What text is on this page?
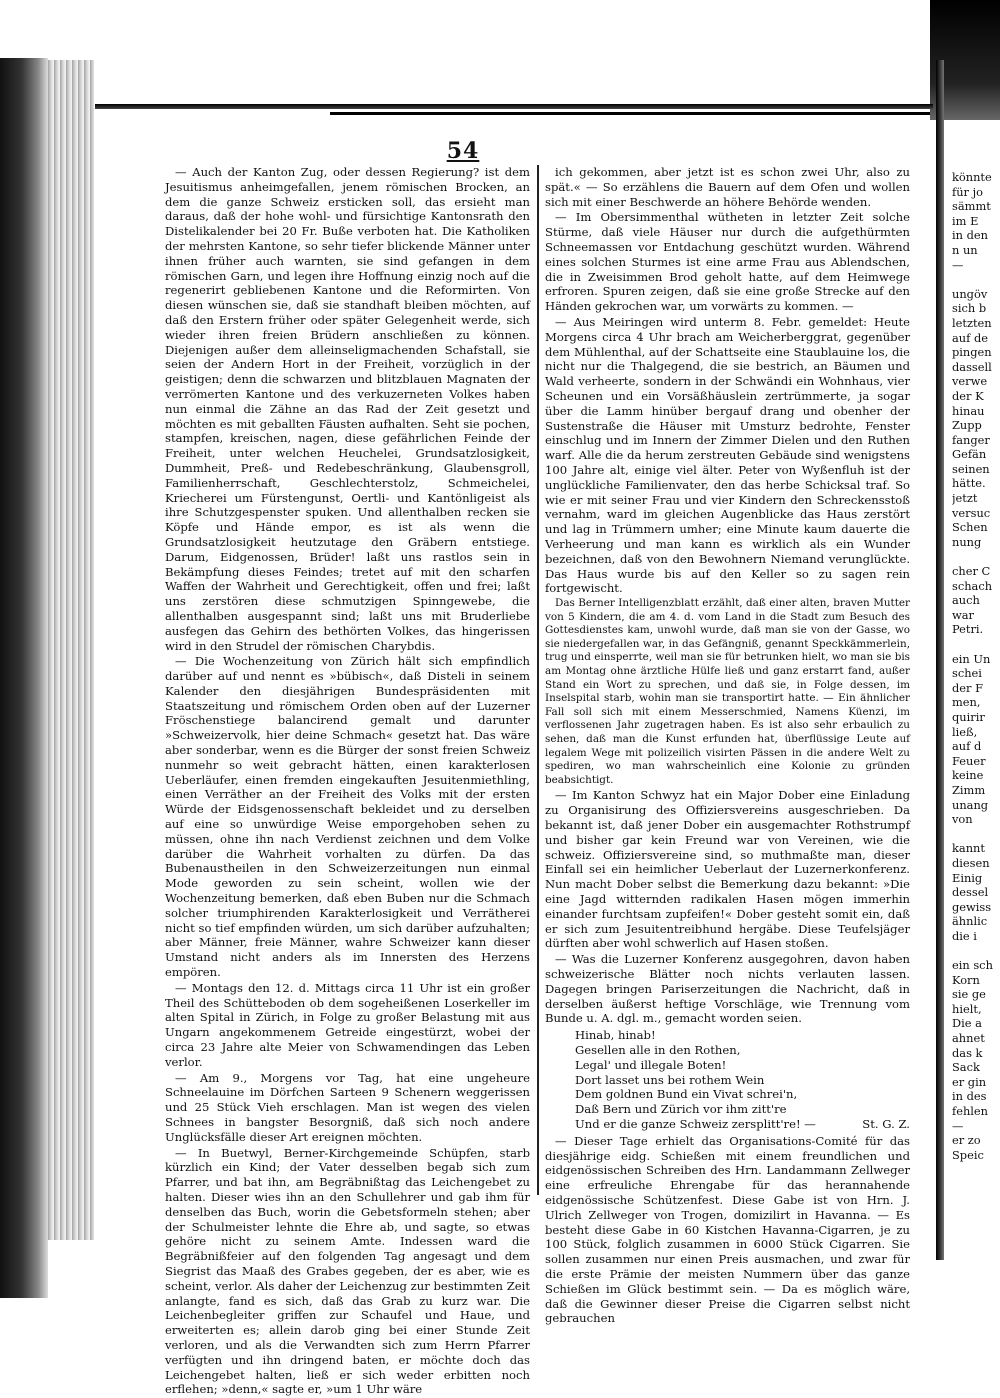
54

— Auch der Kanton Zug, oder dessen Regierung? ist dem Jesuitismus anheimgefallen, jenem römischen Brocken, an dem die ganze Schweiz ersticken soll, das ersieht man daraus, daß der hohe wohl- und fürsichtige Kantonsrath den Distelikalender bei 20 Fr. Buße verboten hat. Die Katholiken der mehrsten Kantone, so sehr tiefer blickende Männer unter ihnen früher auch warnten, sie sind gefangen in dem römischen Garn, und legen ihre Hoffnung einzig noch auf die regenerirt gebliebenen Kantone und die Reformirten. Von diesen wünschen sie, daß sie standhaft bleiben möchten, auf daß den Erstern früher oder später Gelegenheit werde, sich wieder ihren freien Brüdern anschließen zu können. Diejenigen außer dem alleinseligmachenden Schafstall, sie seien der Andern Hort in der Freiheit, vorzüglich in der geistigen; denn die schwarzen und blitzblauen Magnaten der verrömerten Kantone und des verkuzerneten Volkes haben nun einmal die Zähne an das Rad der Zeit gesetzt und möchten es mit geballten Fäusten aufhalten. Seht sie pochen, stampfen, kreischen, nagen, diese gefährlichen Feinde der Freiheit, unter welchen Heuchelei, Grundsatzlosigkeit, Dummheit, Preß- und Redebeschränkung, Glaubensgroll, Familienherrschaft, Geschlechterstolz, Schmeichelei, Kriecherei um Fürstengunst, Oertli- und Kantönligeist als ihre Schutzgespenster spuken. Und allenthalben recken sie Köpfe und Hände empor, es ist als wenn die Grundsatzlosigkeit heutzutage den Gräbern entstiege. Darum, Eidgenossen, Brüder! laßt uns rastlos sein in Bekämpfung dieses Feindes; tretet auf mit den scharfen Waffen der Wahrheit und Gerechtigkeit, offen und frei; laßt uns zerstören diese schmutzigen Spinngewebe, die allenthalben ausgespannt sind; laßt uns mit Bruderliebe ausfegen das Gehirn des bethörten Volkes, das hingerissen wird in den Strudel der römischen Charybdis.

— Die Wochenzeitung von Zürich hält sich empfindlich darüber auf und nennt es »bübisch«, daß Disteli in seinem Kalender den diesjährigen Bundespräsidenten mit Staatszeitung und römischem Orden oben auf der Luzerner Fröschenstiege balancirend gemalt und darunter »Schweizervolk, hier deine Schmach« gesetzt hat. Das wäre aber sonderbar, wenn es die Bürger der sonst freien Schweiz nunmehr so weit gebracht hätten, einen karakterlosen Ueberläufer, einen fremden eingekauften Jesuitenmiethling, einen Verräther an der Freiheit des Volks mit der ersten Würde der Eidsgenossenschaft bekleidet und zu derselben auf eine so unwürdige Weise emporgehoben sehen zu müssen, ohne ihn nach Verdienst zeichnen und dem Volke darüber die Wahrheit vorhalten zu dürfen. Da das Bubenaustheilen in den Schweizerzeitungen nun einmal Mode geworden zu sein scheint, wollen wie der Wochenzeitung bemerken, daß eben Buben nur die Schmach solcher triumphirenden Karakterlosigkeit und Verrätherei nicht so tief empfinden würden, um sich darüber aufzuhalten; aber Männer, freie Männer, wahre Schweizer kann dieser Umstand nicht anders als im Innersten des Herzens empören.

— Montags den 12. d. Mittags circa 11 Uhr ist ein großer Theil des Schütteboden ob dem sogeheißenen Loserkeller im alten Spital in Zürich, in Folge zu großer Belastung mit aus Ungarn angekommenem Getreide eingestürzt, wobei der circa 23 Jahre alte Meier von Schwamendingen das Leben verlor.

— Am 9., Morgens vor Tag, hat eine ungeheure Schneelauine im Dörfchen Sarteen 9 Schenern weggerissen und 25 Stück Vieh erschlagen. Man ist wegen des vielen Schnees in bangster Besorgniß, daß sich noch andere Unglücksfälle dieser Art ereignen möchten.

— In Buetwyl, Berner-Kirchgemeinde Schüpfen, starb kürzlich ein Kind; der Vater desselben begab sich zum Pfarrer, und bat ihn, am Begräbnißtag das Leichengebet zu halten. Dieser wies ihn an den Schullehrer und gab ihm für denselben das Buch, worin die Gebetsformeln stehen; aber der Schulmeister lehnte die Ehre ab, und sagte, so etwas gehöre nicht zu seinem Amte. Indessen ward die Begräbnißfeier auf den folgenden Tag angesagt und dem Siegrist das Maaß des Grabes gegeben, der es aber, wie es scheint, verlor. Als daher der Leichenzug zur bestimmten Zeit anlangte, fand es sich, daß das Grab zu kurz war. Die Leichenbegleiter griffen zur Schaufel und Haue, und erweiterten es; allein darob ging bei einer Stunde Zeit verloren, und als die Verwandten sich zum Herrn Pfarrer verfügten und ihn dringend baten, er möchte doch das Leichengebet halten, ließ er sich weder erbitten noch erflehen; »denn,« sagte er, »um 1 Uhr wäre

ich gekommen, aber jetzt ist es schon zwei Uhr, also zu spät.« — So erzählens die Bauern auf dem Ofen und wollen sich mit einer Beschwerde an höhere Behörde wenden.

— Im Obersimmenthal wütheten in letzter Zeit solche Stürme, daß viele Häuser nur durch die aufgethürmten Schneemassen vor Entdachung geschützt wurden. Während eines solchen Sturmes ist eine arme Frau aus Ablendschen, die in Zweisimmen Brod geholt hatte, auf dem Heimwege erfroren. Spuren zeigen, daß sie eine große Strecke auf den Händen gekrochen war, um vorwärts zu kommen. —

— Aus Meiringen wird unterm 8. Febr. gemeldet: Heute Morgens circa 4 Uhr brach am Weicherberggrat, gegenüber dem Mühlenthal, auf der Schattseite eine Staublauine los, die nicht nur die Thalgegend, die sie bestrich, an Bäumen und Wald verheerte, sondern in der Schwändi ein Wohnhaus, vier Scheunen und ein Vorsäßhäuslein zertrümmerte, ja sogar über die Lamm hinüber bergauf drang und obenher der Sustenstraße die Häuser mit Umsturz bedrohte, Fenster einschlug und im Innern der Zimmer Dielen und den Ruthen warf. Alle die da herum zerstreuten Gebäude sind wenigstens 100 Jahre alt, einige viel älter. Peter von Wyßenfluh ist der unglückliche Familienvater, den das herbe Schicksal traf. So wie er mit seiner Frau und vier Kindern den Schreckensstoß vernahm, ward im gleichen Augenblicke das Haus zerstört und lag in Trümmern umher; eine Minute kaum dauerte die Verheerung und man kann es wirklich als ein Wunder bezeichnen, daß von den Bewohnern Niemand verunglückte. Das Haus wurde bis auf den Keller so zu sagen rein fortgewischt.

Das Berner Intelligenzblatt erzählt, daß einer alten, braven Mutter von 5 Kindern, die am 4. d. vom Land in die Stadt zum Besuch des Gottesdienstes kam, unwohl wurde, daß man sie von der Gasse, wo sie niedergefallen war, in das Gefängniß, genannt Speckkämmerlein, trug und einsperrte, weil man sie für betrunken hielt, wo man sie bis am Montag ohne ärztliche Hülfe ließ und ganz erstarrt fand, außer Stand ein Wort zu sprechen, und daß sie, in Folge dessen, im Inselspital starb, wohin man sie transportirt hatte. — Ein ähnlicher Fall soll sich mit einem Messerschmied, Namens Küenzi, im verflossenen Jahr zugetragen haben. Es ist also sehr erbaulich zu sehen, daß man die Kunst erfunden hat, überflüssige Leute auf legalem Wege mit polizeilich visirten Pässen in die andere Welt zu spediren, wo man wahrscheinlich eine Kolonie zu gründen beabsichtigt.

— Im Kanton Schwyz hat ein Major Dober eine Einladung zu Organisirung des Offiziersvereins ausgeschrieben. Da bekannt ist, daß jener Dober ein ausgemachter Rothstrumpf und bisher gar kein Freund war von Vereinen, wie die schweiz. Offiziersvereine sind, so muthmaßte man, dieser Einfall sei ein heimlicher Ueberlaut der Luzernerkonferenz. Nun macht Dober selbst die Bemerkung dazu bekannt: »Die eine Jagd witternden radikalen Hasen mögen immerhin einander furchtsam zupfeifen!« Dober gesteht somit ein, daß er sich zum Jesuitentreibhund hergäbe. Diese Teufelsjäger dürften aber wohl schwerlich auf Hasen stoßen.

— Was die Luzerner Konferenz ausgegohren, davon haben schweizerische Blätter noch nichts verlauten lassen. Dagegen bringen Pariserzeitungen die Nachricht, daß in derselben äußerst heftige Vorschläge, wie Trennung vom Bunde u. A. dgl. m., gemacht worden seien.

Hinab, hinab!
Gesellen alle in den Rothen,
Legal' und illegale Boten!
Dort lasset uns bei rothem Wein
Dem goldnen Bund ein Vivat schrei'n,
Daß Bern und Zürich vor ihm zitt're
Und er die ganze Schweiz zersplitt're! —	St. G. Z.

— Dieser Tage erhielt das Organisations-Comité für das diesjährige eidg. Schießen mit einem freundlichen und eidgenössischen Schreiben des Hrn. Landammann Zellweger eine erfreuliche Ehrengabe für das herannahende eidgenössische Schützenfest. Diese Gabe ist von Hrn. J. Ulrich Zellweger von Trogen, domizilirt in Havanna. — Es besteht diese Gabe in 60 Kistchen Havanna-Cigarren, je zu 100 Stück, folglich zusammen in 6000 Stück Cigarren. Sie sollen zusammen nur einen Preis ausmachen, und zwar für die erste Prämie der meisten Nummern über das ganze Schießen im Glück bestimmt sein. — Da es möglich wäre, daß die Gewinner dieser Preise die Cigarren selbst nicht gebrauchen

könnte
für jo
sämmt
im E
in den
n un
—
ungöv
sich b
letzten
auf de
pingen
dassell
verwe
der K
hinau
Zupp
fanger
Gefän
seinen
hätte.
jetzt
versuc
Schen
nung
cher C
schach
auch
war
Petri.
ein Un
schei
der F
men,
quirir
ließ,
auf d
Feuer
keine
Zimm
unang
von
kannt
diesen
Einig
dessel
gewiss
ähnlic
die i
ein sch
Korn
sie ge
hielt,
Die a
ahnet
das k
Sack
er gin
in des
fehlen
—
er zo
Speic
